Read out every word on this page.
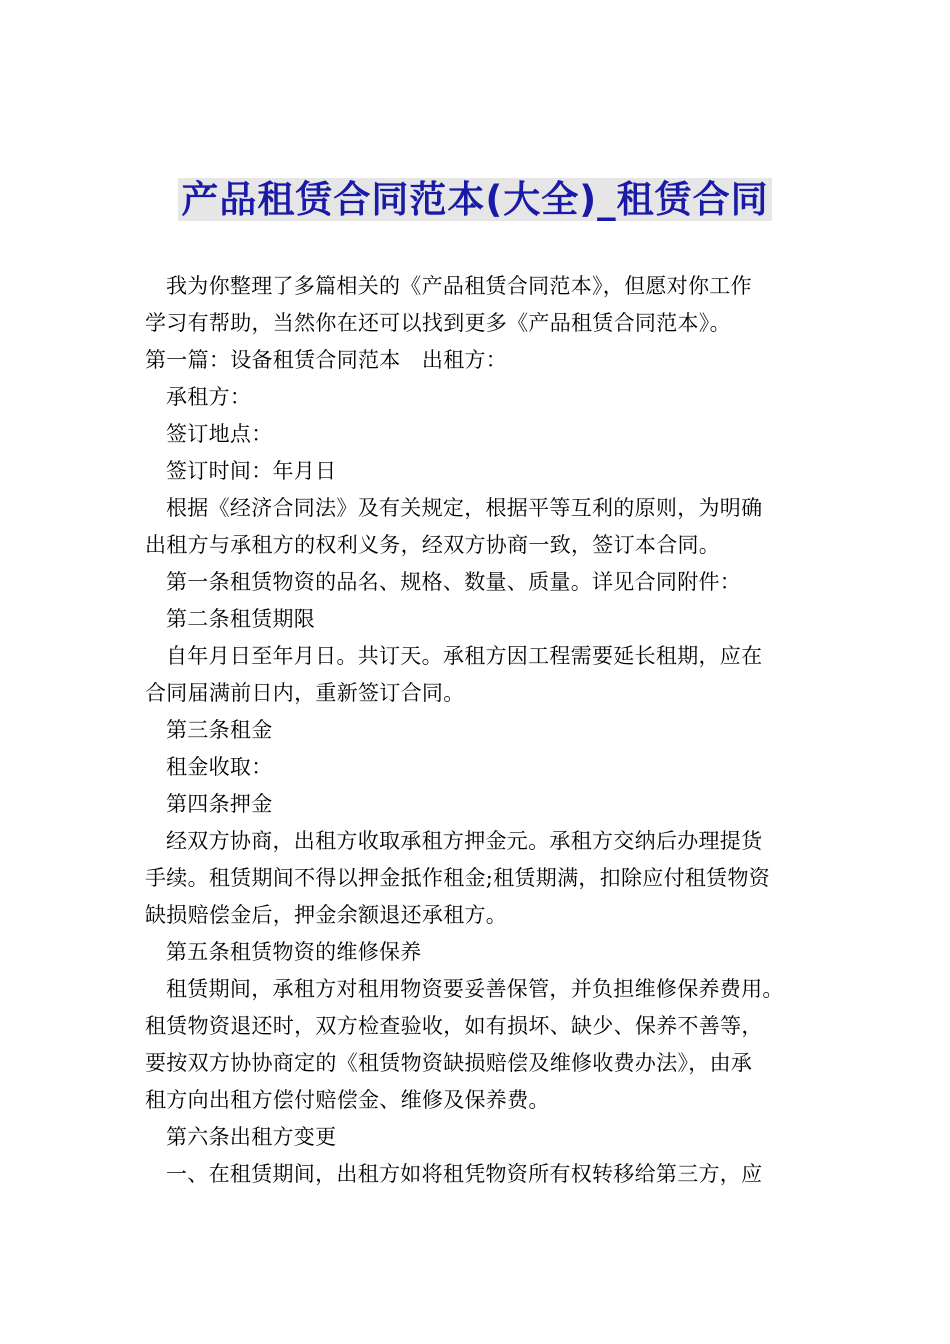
产品租赁合同范本(大全)_租赁合同
我为你整理了多篇相关的《产品租赁合同范本》，但愿对你工作
学习有帮助，当然你在还可以找到更多《产品租赁合同范本》。
第一篇：设备租赁合同范本　出租方：
承租方：
签订地点：
签订时间：年月日
根据《经济合同法》及有关规定，根据平等互利的原则，为明确
出租方与承租方的权利义务，经双方协商一致，签订本合同。
第一条租赁物资的品名、规格、数量、质量。详见合同附件：
第二条租赁期限
自年月日至年月日。共订天。承租方因工程需要延长租期，应在
合同届满前日内，重新签订合同。
第三条租金
租金收取：
第四条押金
经双方协商，出租方收取承租方押金元。承租方交纳后办理提货
手续。租赁期间不得以押金抵作租金;租赁期满，扣除应付租赁物资
缺损赔偿金后，押金余额退还承租方。
第五条租赁物资的维修保养
租赁期间，承租方对租用物资要妥善保管，并负担维修保养费用。
租赁物资退还时，双方检查验收，如有损坏、缺少、保养不善等，
要按双方协协商定的《租赁物资缺损赔偿及维修收费办法》，由承
租方向出租方偿付赔偿金、维修及保养费。
第六条出租方变更
一、在租赁期间，出租方如将租凭物资所有权转移给第三方，应
